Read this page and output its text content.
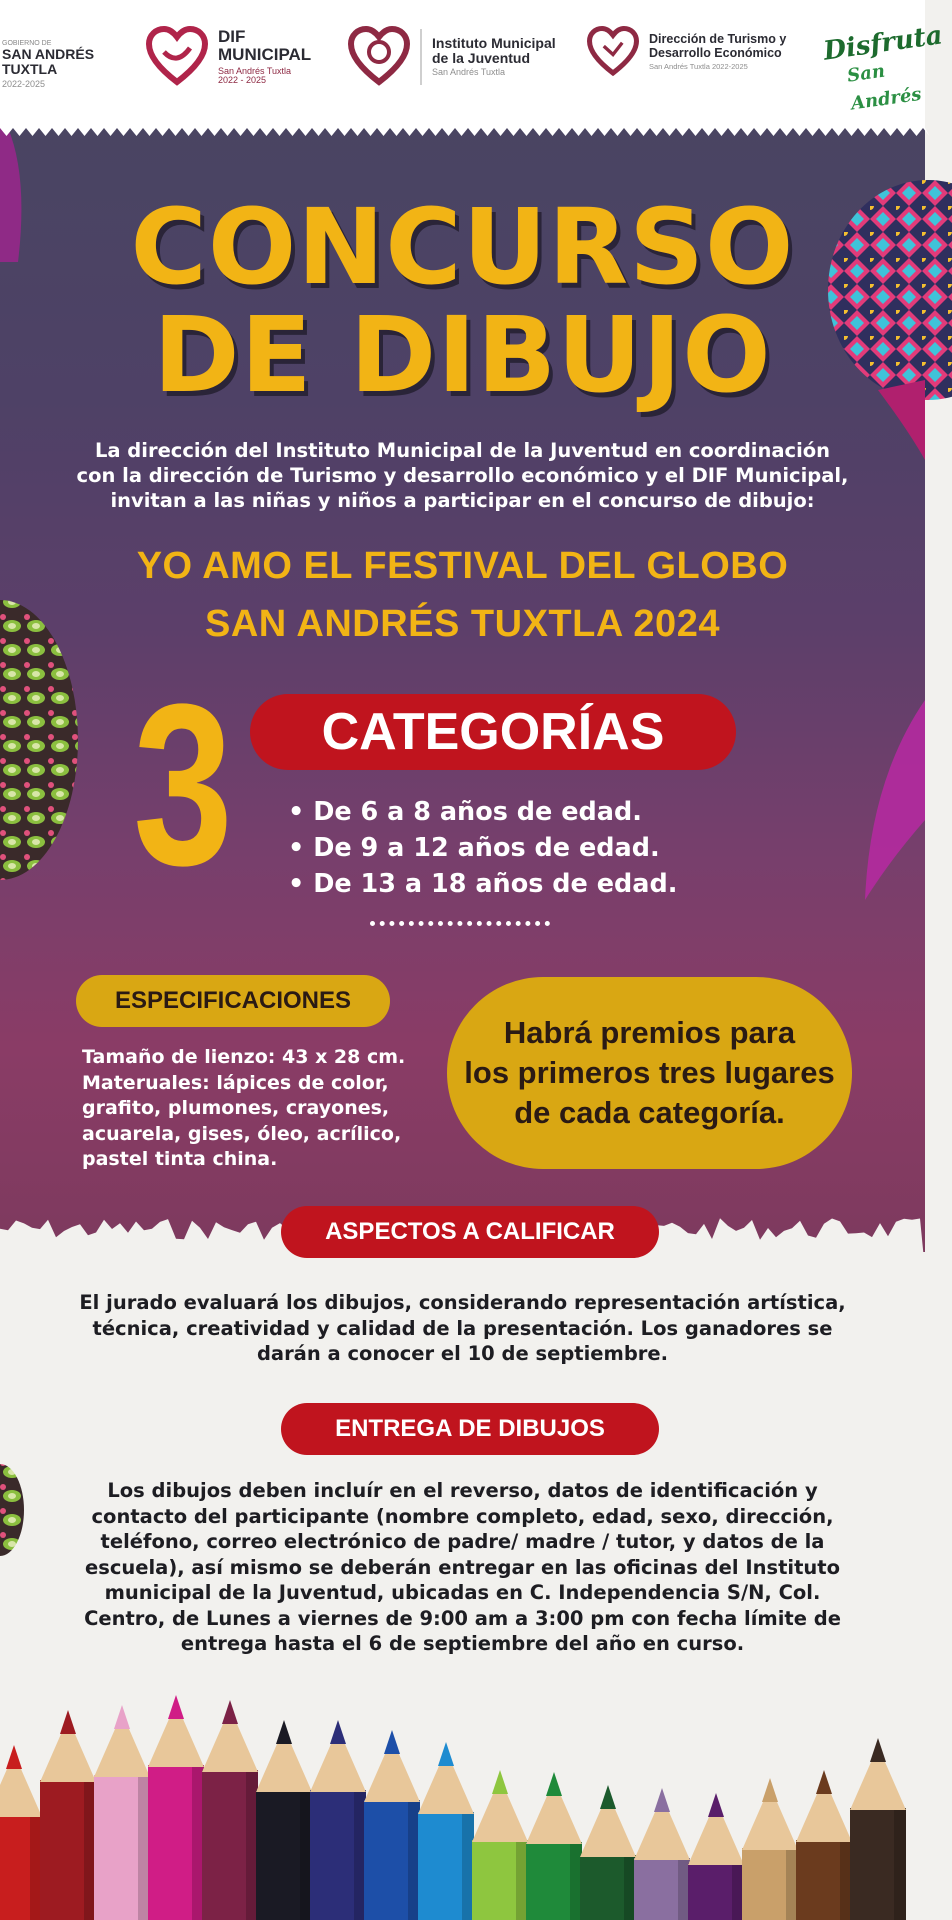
GOBIERNO DE
SAN ANDRÉS TUXTLA
2022-2025
DIF
MUNICIPAL
San Andrés Tuxtla
2022 - 2025
Instituto Municipal
de la Juventud
San Andrés Tuxtla
Dirección de Turismo y
Desarrollo Económico
San Andrés Tuxtla 2022-2025	Disfruta
San Andrés
CONCURSO
DE DIBUJO
La dirección del Instituto Municipal de la Juventud en coordinación
con la dirección de Turismo y desarrollo económico y el DIF Municipal,
invitan a las niñas y niños a participar en el concurso de dibujo:
YO AMO EL FESTIVAL DEL GLOBO
SAN ANDRÉS TUXTLA 2024
3	CATEGORÍAS
• De 6 a 8 años de edad.
• De 9 a 12 años de edad.
• De 13 a 18 años de edad.
ESPECIFICACIONES
Tamaño de lienzo: 43 x 28 cm.
Materuales: lápices de color,
grafito, plumones, crayones,
acuarela, gises, óleo, acrílico,
pastel tinta china.
Habrá premios para
los primeros tres lugares
de cada categoría.
ASPECTOS A CALIFICAR
El jurado evaluará los dibujos, considerando representación artística,
técnica, creatividad y calidad de la presentación. Los ganadores se
darán a conocer el 10 de septiembre.
ENTREGA DE DIBUJOS
Los dibujos deben incluír en el reverso, datos de identificación y
contacto del participante (nombre completo, edad, sexo, dirección,
teléfono, correo electrónico de padre/ madre / tutor, y datos de la
escuela), así mismo se deberán entregar en las oficinas del Instituto
municipal de la Juventud, ubicadas en C. Independencia S/N, Col.
Centro, de Lunes a viernes de 9:00 am a 3:00 pm con fecha límite de
entrega hasta el 6 de septiembre del año en curso.
